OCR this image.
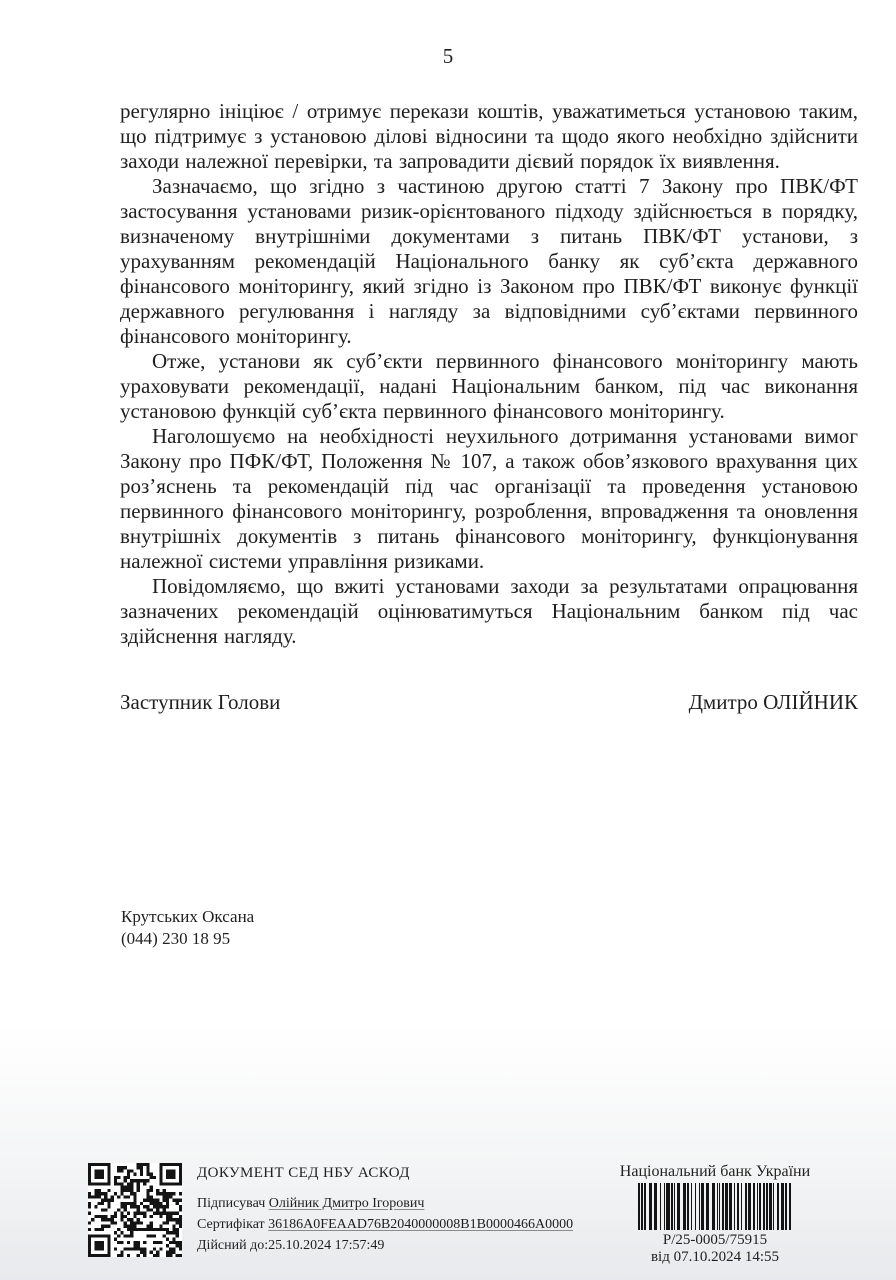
5

регулярно ініціює / отримує перекази коштів, уважатиметься установою таким, що підтримує з установою ділові відносини та щодо якого необхідно здійснити заходи належної перевірки, та запровадити дієвий порядок їх виявлення.

Зазначаємо, що згідно з частиною другою статті 7 Закону про ПВК/ФТ застосування установами ризик-орієнтованого підходу здійснюється в порядку, визначеному внутрішніми документами з питань ПВК/ФТ установи, з урахуванням рекомендацій Національного банку як суб’єкта державного фінансового моніторингу, який згідно із Законом про ПВК/ФТ виконує функції державного регулювання і нагляду за відповідними суб’єктами первинного фінансового моніторингу.

Отже, установи як суб’єкти первинного фінансового моніторингу мають ураховувати рекомендації, надані Національним банком, під час виконання установою функцій суб’єкта первинного фінансового моніторингу.

Наголошуємо на необхідності неухильного дотримання установами вимог Закону про ПФК/ФТ, Положення № 107, а також обов’язкового врахування цих роз’яснень та рекомендацій під час організації та проведення установою первинного фінансового моніторингу, розроблення, впровадження та оновлення внутрішніх документів з питань фінансового моніторингу, функціонування належної системи управління ризиками.

Повідомляємо, що вжиті установами заходи за результатами опрацювання зазначених рекомендацій оцінюватимуться Національним банком під час здійснення нагляду.

Заступник Голови	Дмитро ОЛІЙНИК
Крутських Оксана
(044) 230 18 95
ДОКУМЕНТ СЕД НБУ АСКОД
Підписувач Олійник Дмитро Ігорович
Сертифікат 36186A0FEAAD76B2040000008B1B0000466A0000
Дійсний до:25.10.2024 17:57:49
Національний банк України
Р/25-0005/75915
від 07.10.2024 14:55
